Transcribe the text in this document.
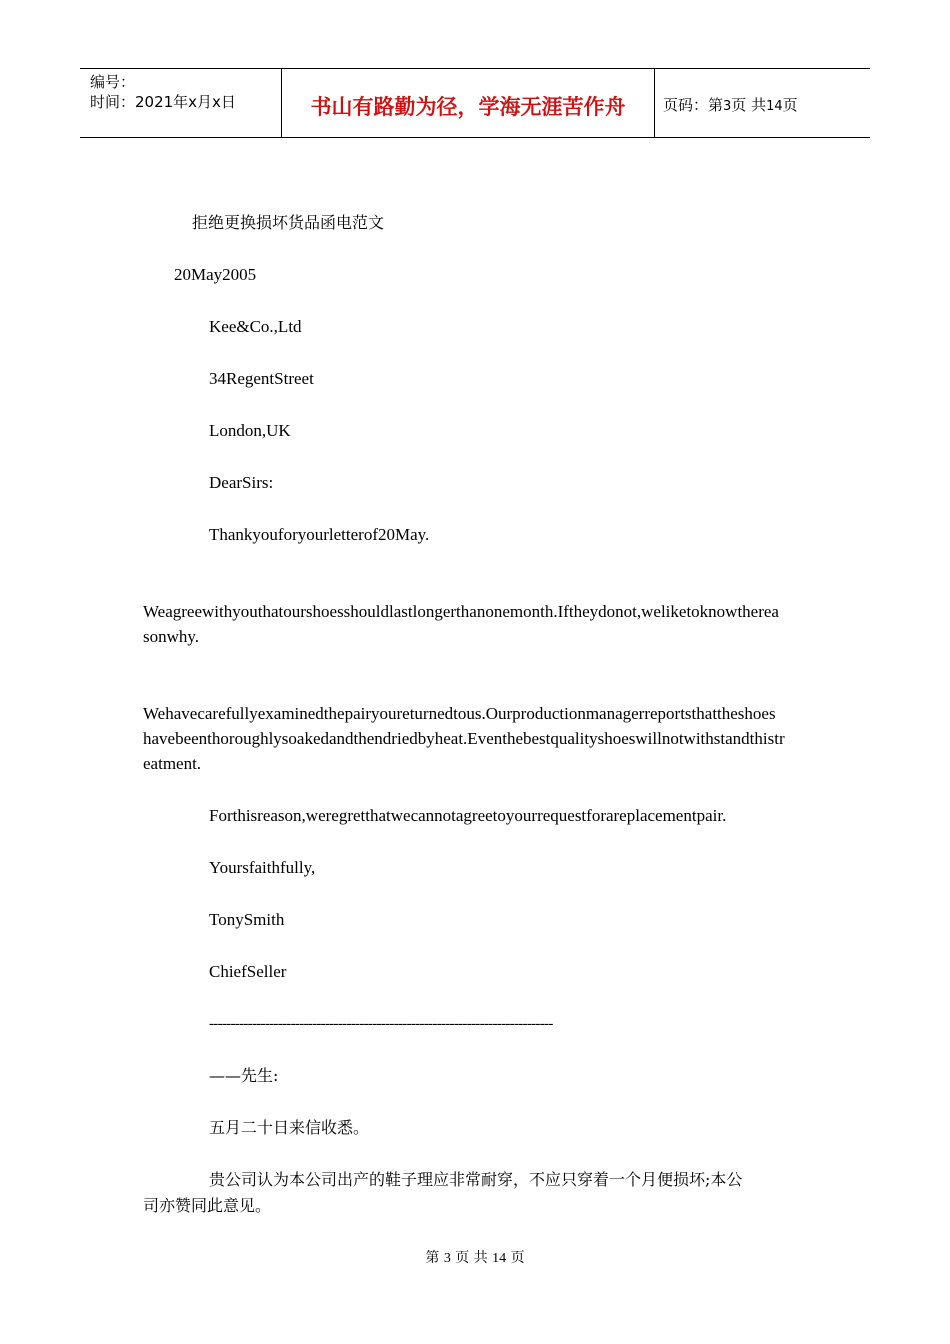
编号：
时间：2021年x月x日	书山有路勤为径，学海无涯苦作舟	页码：第3页 共14页
拒绝更换损坏货品函电范文
20May2005
Kee&Co.,Ltd
34RegentStreet
London,UK
DearSirs:
Thankyouforyourletterof20May.
Weagreewithyouthatourshoesshouldlastlongerthanonemonth.Iftheydonot,weliketoknowtherea
sonwhy.
Wehavecarefullyexaminedthepairyoureturnedtous.Ourproductionmanagerreportsthattheshoes
havebeenthoroughlysoakedandthendriedbyheat.Eventhebestqualityshoeswillnotwithstandthistr
eatment.
Forthisreason,weregretthatwecannotagreetoyourrequestforareplacementpair.
Yoursfaithfully,
TonySmith
ChiefSeller
--------------------------------------------------------------------------------
——先生:
五月二十日来信收悉。
贵公司认为本公司出产的鞋子理应非常耐穿，不应只穿着一个月便损坏;本公
司亦赞同此意见。
第 3 页 共 14 页
